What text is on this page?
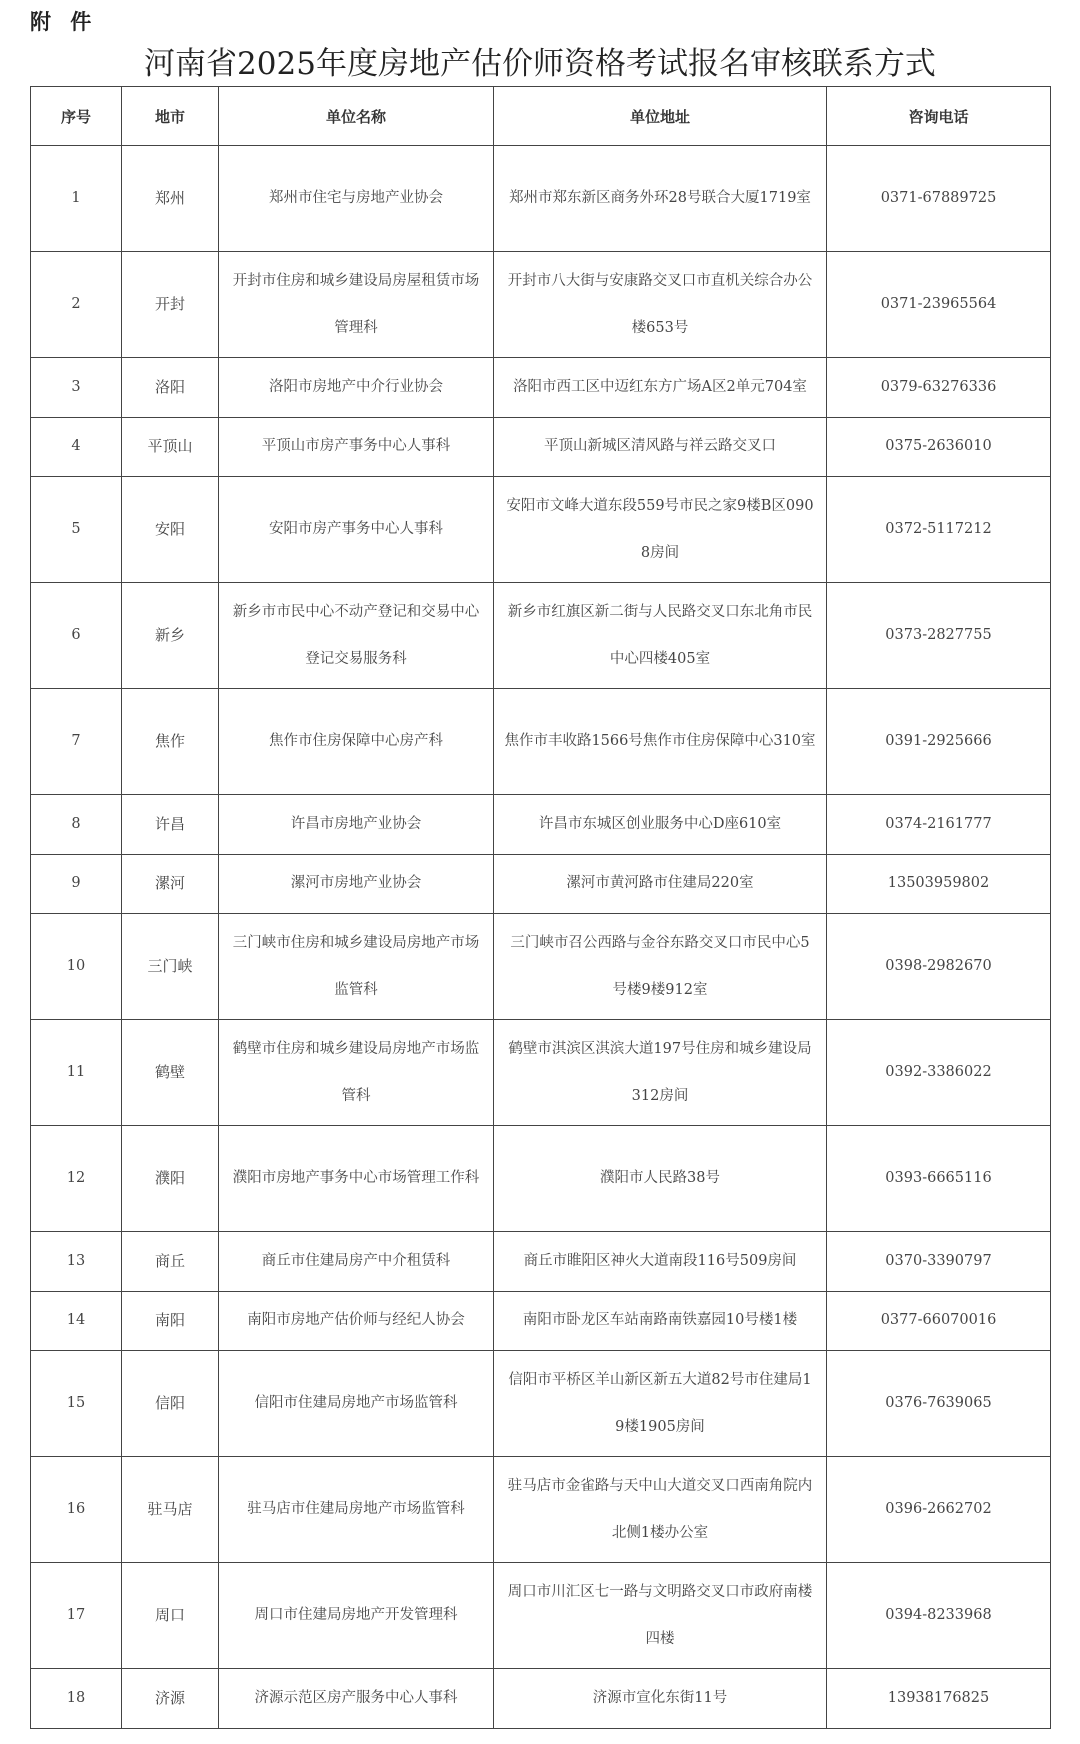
附 件
河南省2025年度房地产估价师资格考试报名审核联系方式
序号	地市	单位名称	单位地址	咨询电话
1	郑州	郑州市住宅与房地产业协会	郑州市郑东新区商务外环28号联合大厦1719室	0371-67889725
2	开封	开封市住房和城乡建设局房屋租赁市场管理科	开封市八大街与安康路交叉口市直机关综合办公楼653号	0371-23965564
3	洛阳	洛阳市房地产中介行业协会	洛阳市西工区中迈红东方广场A区2单元704室	0379-63276336
4	平顶山	平顶山市房产事务中心人事科	平顶山新城区清风路与祥云路交叉口	0375-2636010
5	安阳	安阳市房产事务中心人事科	安阳市文峰大道东段559号市民之家9楼B区0908房间	0372-5117212
6	新乡	新乡市市民中心不动产登记和交易中心登记交易服务科	新乡市红旗区新二街与人民路交叉口东北角市民中心四楼405室	0373-2827755
7	焦作	焦作市住房保障中心房产科	焦作市丰收路1566号焦作市住房保障中心310室	0391-2925666
8	许昌	许昌市房地产业协会	许昌市东城区创业服务中心D座610室	0374-2161777
9	漯河	漯河市房地产业协会	漯河市黄河路市住建局220室	13503959802
10	三门峡	三门峡市住房和城乡建设局房地产市场监管科	三门峡市召公西路与金谷东路交叉口市民中心5号楼9楼912室	0398-2982670
11	鹤壁	鹤壁市住房和城乡建设局房地产市场监管科	鹤壁市淇滨区淇滨大道197号住房和城乡建设局312房间	0392-3386022
12	濮阳	濮阳市房地产事务中心市场管理工作科	濮阳市人民路38号	0393-6665116
13	商丘	商丘市住建局房产中介租赁科	商丘市睢阳区神火大道南段116号509房间	0370-3390797
14	南阳	南阳市房地产估价师与经纪人协会	南阳市卧龙区车站南路南铁嘉园10号楼1楼	0377-66070016
15	信阳	信阳市住建局房地产市场监管科	信阳市平桥区羊山新区新五大道82号市住建局19楼1905房间	0376-7639065
16	驻马店	驻马店市住建局房地产市场监管科	驻马店市金雀路与天中山大道交叉口西南角院内北侧1楼办公室	0396-2662702
17	周口	周口市住建局房地产开发管理科	周口市川汇区七一路与文明路交叉口市政府南楼四楼	0394-8233968
18	济源	济源示范区房产服务中心人事科	济源市宣化东街11号	13938176825
